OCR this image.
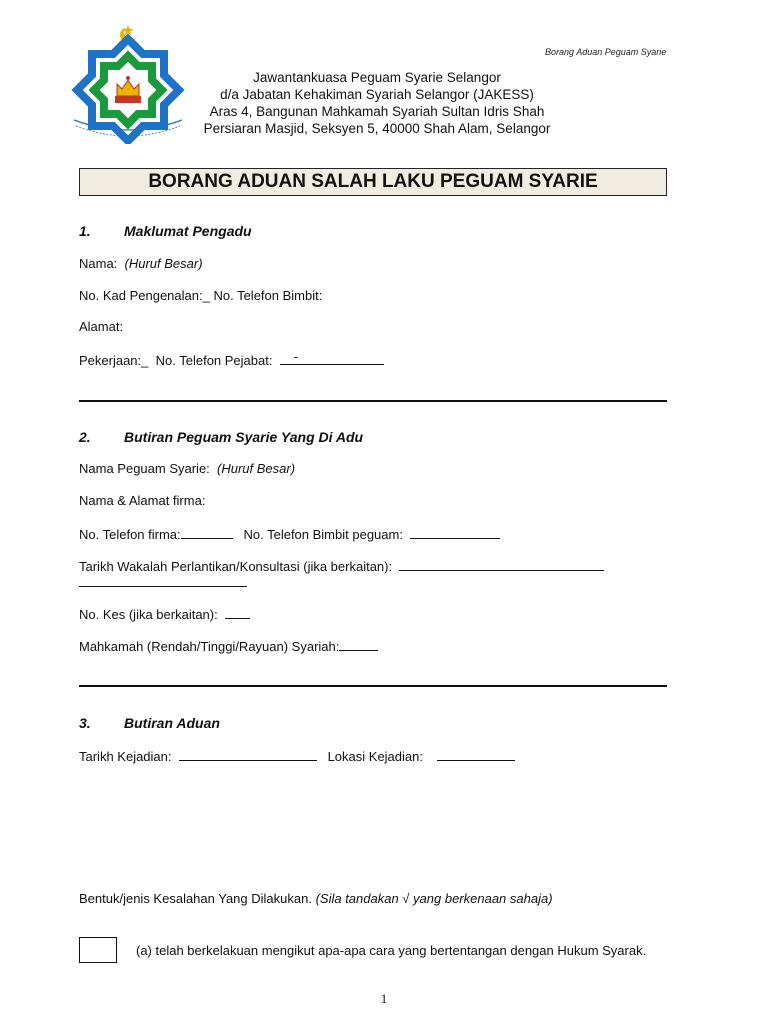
Borang Aduan Peguam Syarie
Jawantankuasa Peguam Syarie Selangor
d/a Jabatan Kehakiman Syariah Selangor (JAKESS)
Aras 4, Bangunan Mahkamah Syariah Sultan Idris Shah
Persiaran Masjid, Seksyen 5, 40000 Shah Alam, Selangor
BORANG ADUAN SALAH LAKU PEGUAM SYARIE
1. Maklumat Pengadu
Nama: (Huruf Besar)
No. Kad Pengenalan:_ No. Telefon Bimbit:
Alamat:
Pekerjaan:_ No. Telefon Pejabat: -
2. Butiran Peguam Syarie Yang Di Adu
Nama Peguam Syarie: (Huruf Besar)
Nama & Alamat firma:
No. Telefon firma:	No. Telefon Bimbit peguam:
Tarikh Wakalah Perlantikan/Konsultasi (jika berkaitan):
No. Kes (jika berkaitan):
Mahkamah (Rendah/Tinggi/Rayuan) Syariah:
3. Butiran Aduan
Tarikh Kejadian:	Lokasi Kejadian:
Bentuk/jenis Kesalahan Yang Dilakukan. (Sila tandakan √ yang berkenaan sahaja)
(a) telah berkelakuan mengikut apa-apa cara yang bertentangan dengan Hukum Syarak.
1
